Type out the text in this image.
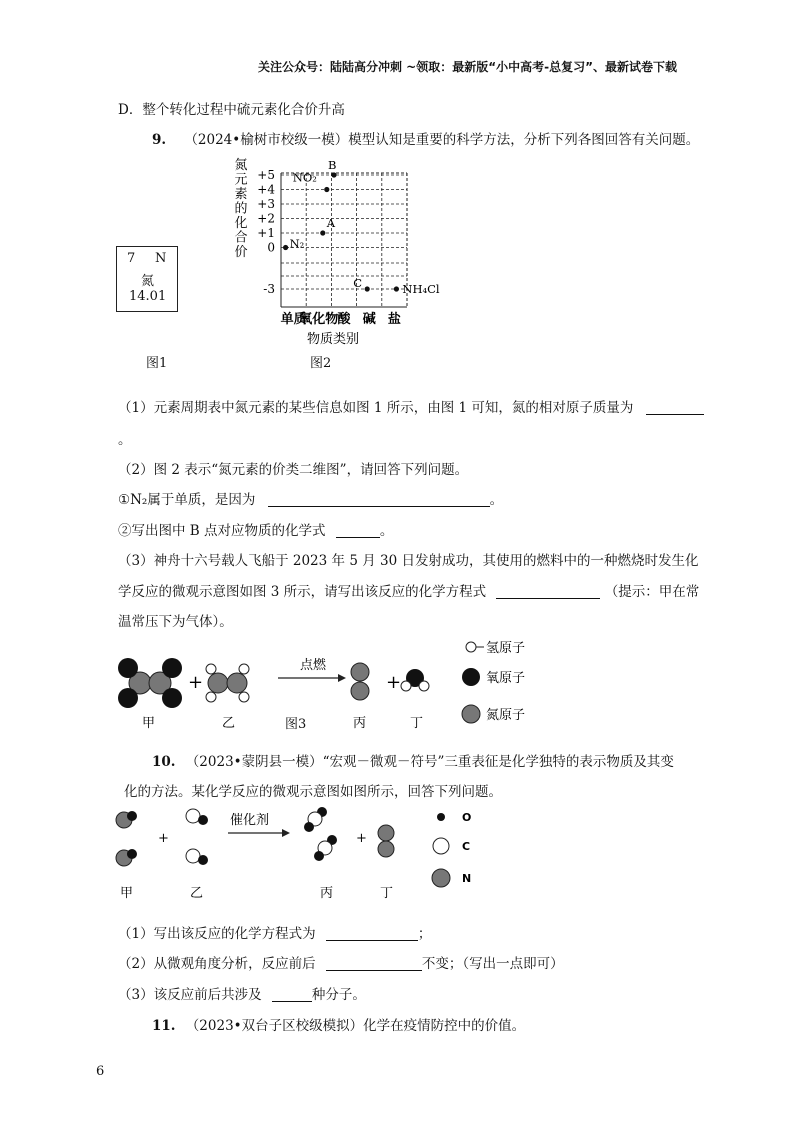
关注公众号：陆陆高分冲刺 ~领取：最新版“小中高考-总复习”、最新试卷下载
D．整个转化过程中硫元素化合价升高
9. （2024•榆树市校级一模）模型认知是重要的科学方法，分析下列各图回答有关问题。
7 N
氮
14.01
图1
氮
元
素
的
化
合
价
+5
+4
+3
+2
+1
0
-3
单质
氧化物 酸 碱 盐
N₂
NO₂
A
B
C	NH₄Cl
物质类别
图2
（1）元素周期表中氮元素的某些信息如图 1 所示，由图 1 可知，氮的相对原子质量为
。
（2）图 2 表示“氮元素的价类二维图”，请回答下列问题。
①N₂属于单质，是因为	。
②写出图中 B 点对应物质的化学式	。
（3）神舟十六号载人飞船于 2023 年 5 月 30 日发射成功，其使用的燃料中的一种燃烧时发生化
学反应的微观示意图如图 3 所示，请写出该反应的化学方程式	（提示：甲在常
温常压下为气体）。
+
点燃
+
甲	乙	丙	丁
氢原子
氧原子
氮原子
图3
10. （2023•蒙阴县一模）“宏观－微观－符号”三重表征是化学独特的表示物质及其变
化的方法。某化学反应的微观示意图如图所示，回答下列问题。
+
催化剂
+
O
C
N
甲	乙	丙	丁
（1）写出该反应的化学方程式为	；
（2）从微观角度分析，反应前后	不变；（写出一点即可）
（3）该反应前后共涉及	种分子。
11. （2023•双台子区校级模拟）化学在疫情防控中的价值。
6
